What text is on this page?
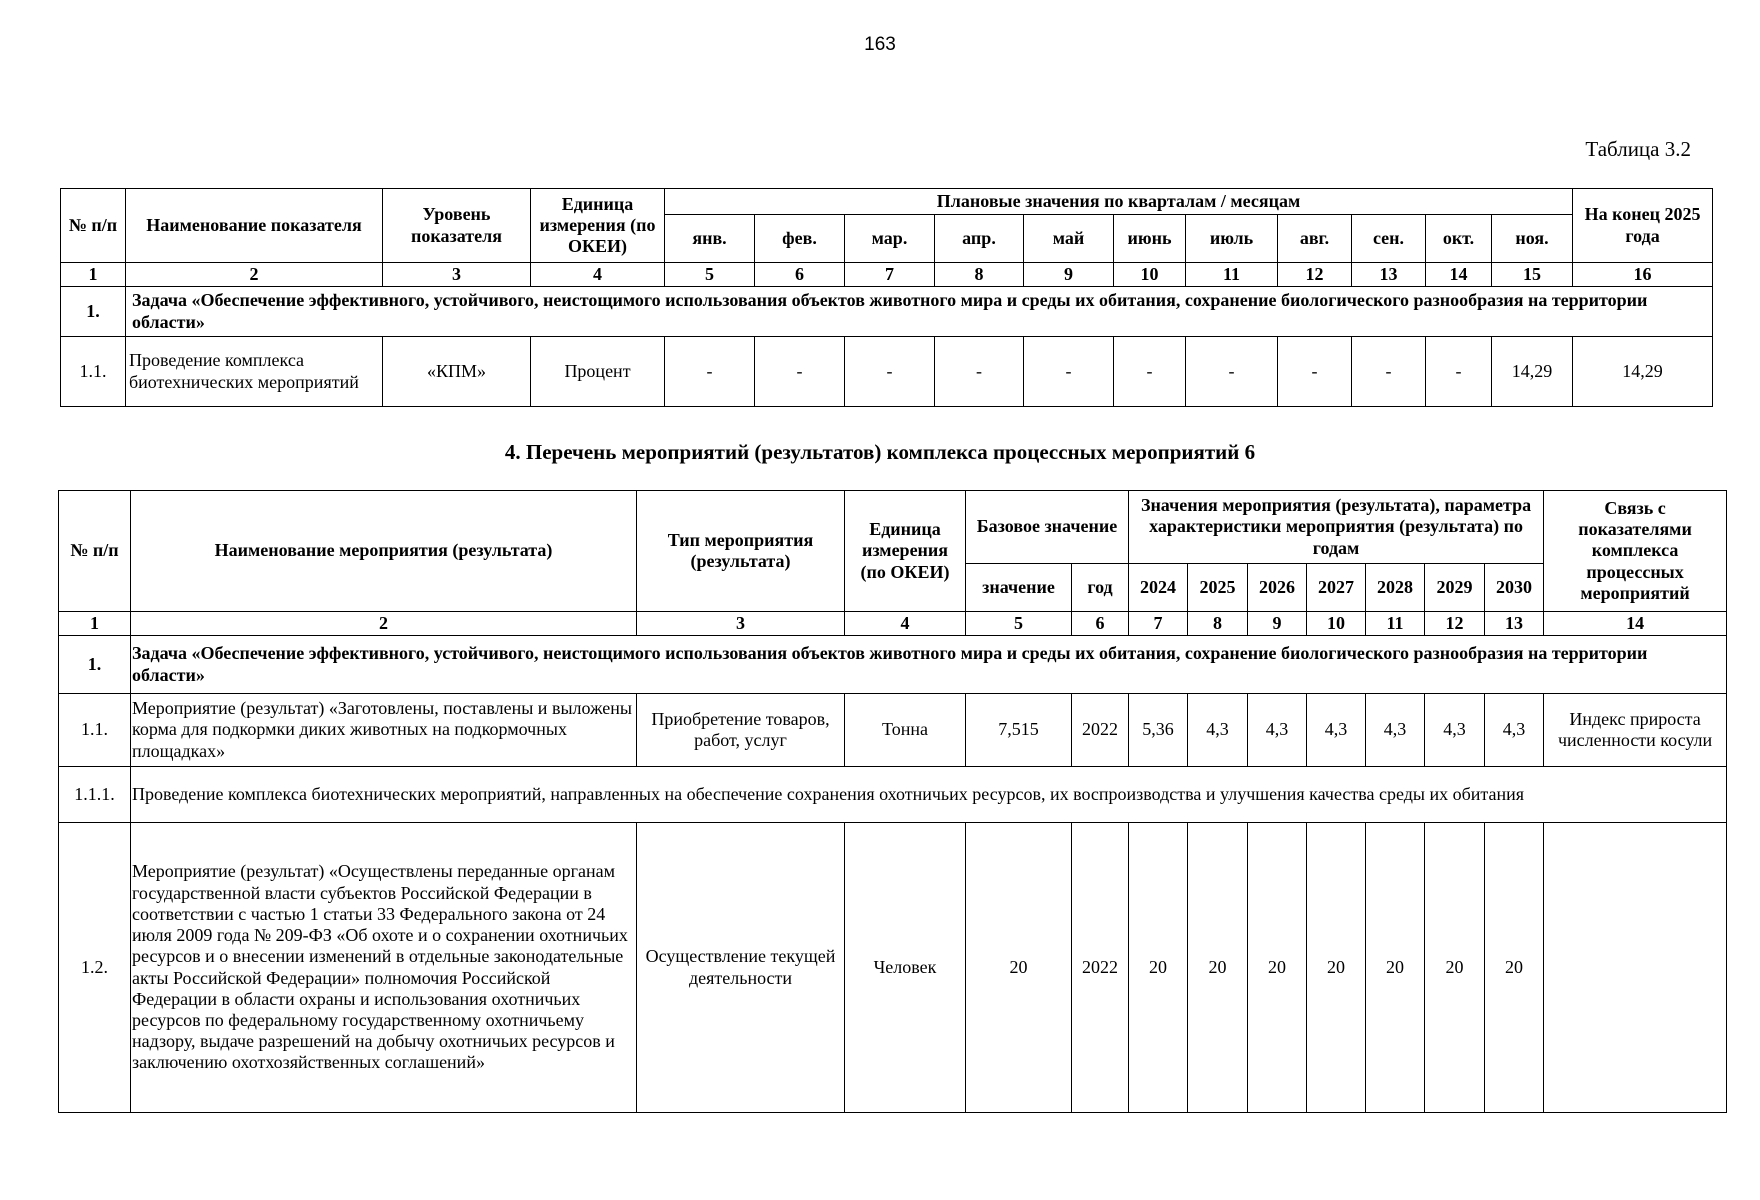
163
Таблица 3.2
№ п/п	Наименование показателя	Уровень показателя	Единица измерения (по ОКЕИ)	Плановые значения по кварталам / месяцам											На конец 2025 года
				янв.	фев.	мар.	апр.	май	июнь	июль	авг.	сен.	окт.	ноя.	
1	2	3	4	5	6	7	8	9	10	11	12	13	14	15	16
1.	Задача «Обеспечение эффективного, устойчивого, неистощимого использования объектов животного мира и среды их обитания, сохранение биологического разнообразия на территории области»														
1.1.	Проведение комплекса биотехнических мероприятий	«КПМ»	Процент	-	-	-	-	-	-	-	-	-	-	14,29	14,29
4. Перечень мероприятий (результатов) комплекса процессных мероприятий 6
№ п/п	Наименование мероприятия (результата)	Тип мероприятия (результата)	Единица измерения (по ОКЕИ)	Базовое значение		Значения мероприятия (результата), параметра характеристики мероприятия (результата) по годам							Связь с показателями комплекса процессных мероприятий
				значение	год	2024	2025	2026	2027	2028	2029	2030	
1	2	3	4	5	6	7	8	9	10	11	12	13	14
1.	Задача «Обеспечение эффективного, устойчивого, неистощимого использования объектов животного мира и среды их обитания, сохранение биологического разнообразия на территории области»												
1.1.	Мероприятие (результат) «Заготовлены, поставлены и выложены корма для подкормки диких животных на подкормочных площадках»	Приобретение товаров, работ, услуг	Тонна	7,515	2022	5,36	4,3	4,3	4,3	4,3	4,3	4,3	Индекс прироста численности косули
1.1.1.	Проведение комплекса биотехнических мероприятий, направленных на обеспечение сохранения охотничьих ресурсов, их воспроизводства и улучшения качества среды их обитания												
1.2.	Мероприятие (результат) «Осуществлены переданные органам государственной власти субъектов Российской Федерации в соответствии с частью 1 статьи 33 Федерального закона от 24 июля 2009 года № 209-ФЗ «Об охоте и о сохранении охотничьих ресурсов и о внесении изменений в отдельные законодательные акты Российской Федерации» полномочия Российской Федерации в области охраны и использования охотничьих ресурсов по федеральному государственному охотничьему надзору, выдаче разрешений на добычу охотничьих ресурсов и заключению охотхозяйственных соглашений»	Осуществление текущей деятельности	Человек	20	2022	20	20	20	20	20	20	20	
